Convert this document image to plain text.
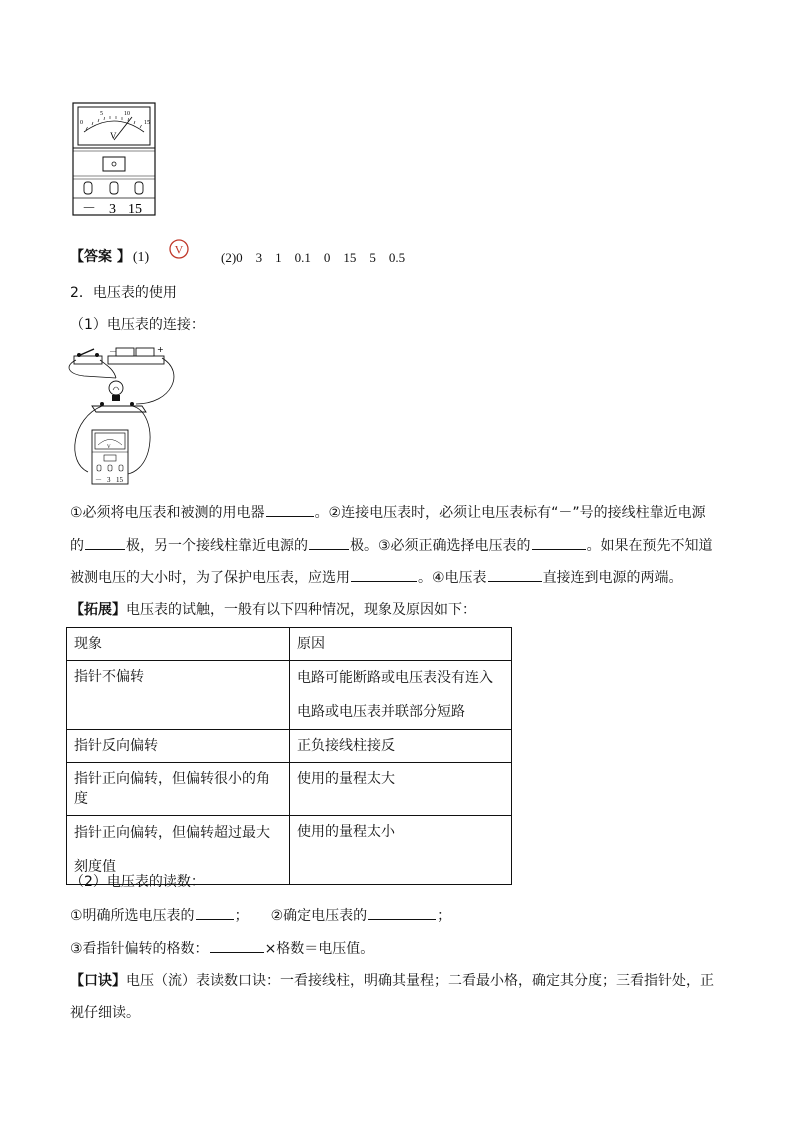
0
5	10
15
V
－ 3 15
【答案 】 (1)
V
(2)0　3　1　0.1　0　15　5　0.5
2．电压表的使用
（1）电压表的连接：
－	+
V
－ 3 15
①必须将电压表和被测的用电器	。②连接电压表时，必须让电压表标有“－”号的接线柱靠近电源
的	极，另一个接线柱靠近电源的	极。③必须正确选择电压表的	。如果在预先不知道
被测电压的大小时，为了保护电压表，应选用	。④电压表	直接连到电源的两端。
【拓展】电压表的试触，一般有以下四种情况，现象及原因如下：
现象	原因
指针不偏转	电路可能断路或电压表没有连入电路或电压表并联部分短路
指针反向偏转	正负接线柱接反
指针正向偏转，但偏转很小的角度	使用的量程太大
指针正向偏转，但偏转超过最大刻度值	使用的量程太小
（2）电压表的读数：
①明确所选电压表的	； ②确定电压表的	；
③看指针偏转的格数：	×格数＝电压值。
【口诀】电压（流）表读数口诀：一看接线柱，明确其量程；二看最小格，确定其分度；三看指针处，正
视仔细读。
